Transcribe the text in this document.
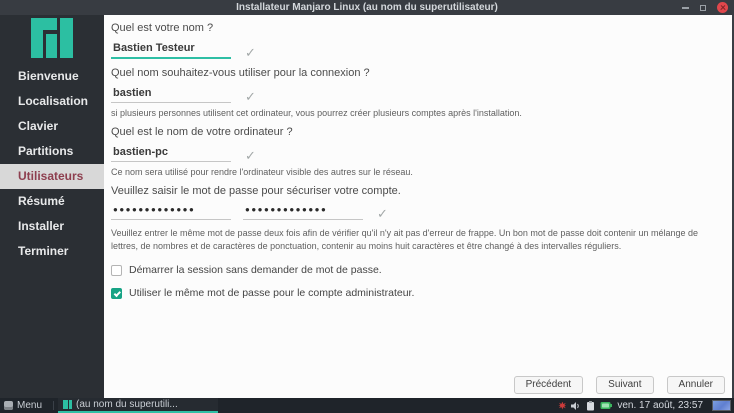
Installateur Manjaro Linux (au nom du superutilisateur)
Bienvenue
Localisation
Clavier
Partitions
Utilisateurs
Résumé
Installer
Terminer
Quel est votre nom ?
Bastien Testeur	✓
Quel nom souhaitez-vous utiliser pour la connexion ?
bastien	✓
si plusieurs personnes utilisent cet ordinateur, vous pourrez créer plusieurs comptes après l'installation.
Quel est le nom de votre ordinateur ?
bastien-pc	✓
Ce nom sera utilisé pour rendre l'ordinateur visible des autres sur le réseau.
Veuillez saisir le mot de passe pour sécuriser votre compte.
●●●●●●●●●●●●●	●●●●●●●●●●●●●	✓
Veuillez entrer le même mot de passe deux fois afin de vérifier qu'il n'y ait pas d'erreur de frappe. Un bon mot de passe doit contenir un mélange de lettres, de nombres et de caractères de ponctuation, contenir au moins huit caractères et être changé à des intervalles réguliers.
Démarrer la session sans demander de mot de passe.
Utiliser le même mot de passe pour le compte administrateur.
Précédent	Suivant	Annuler
Menu	(au nom du superutili...	ven. 17 août, 23:57
